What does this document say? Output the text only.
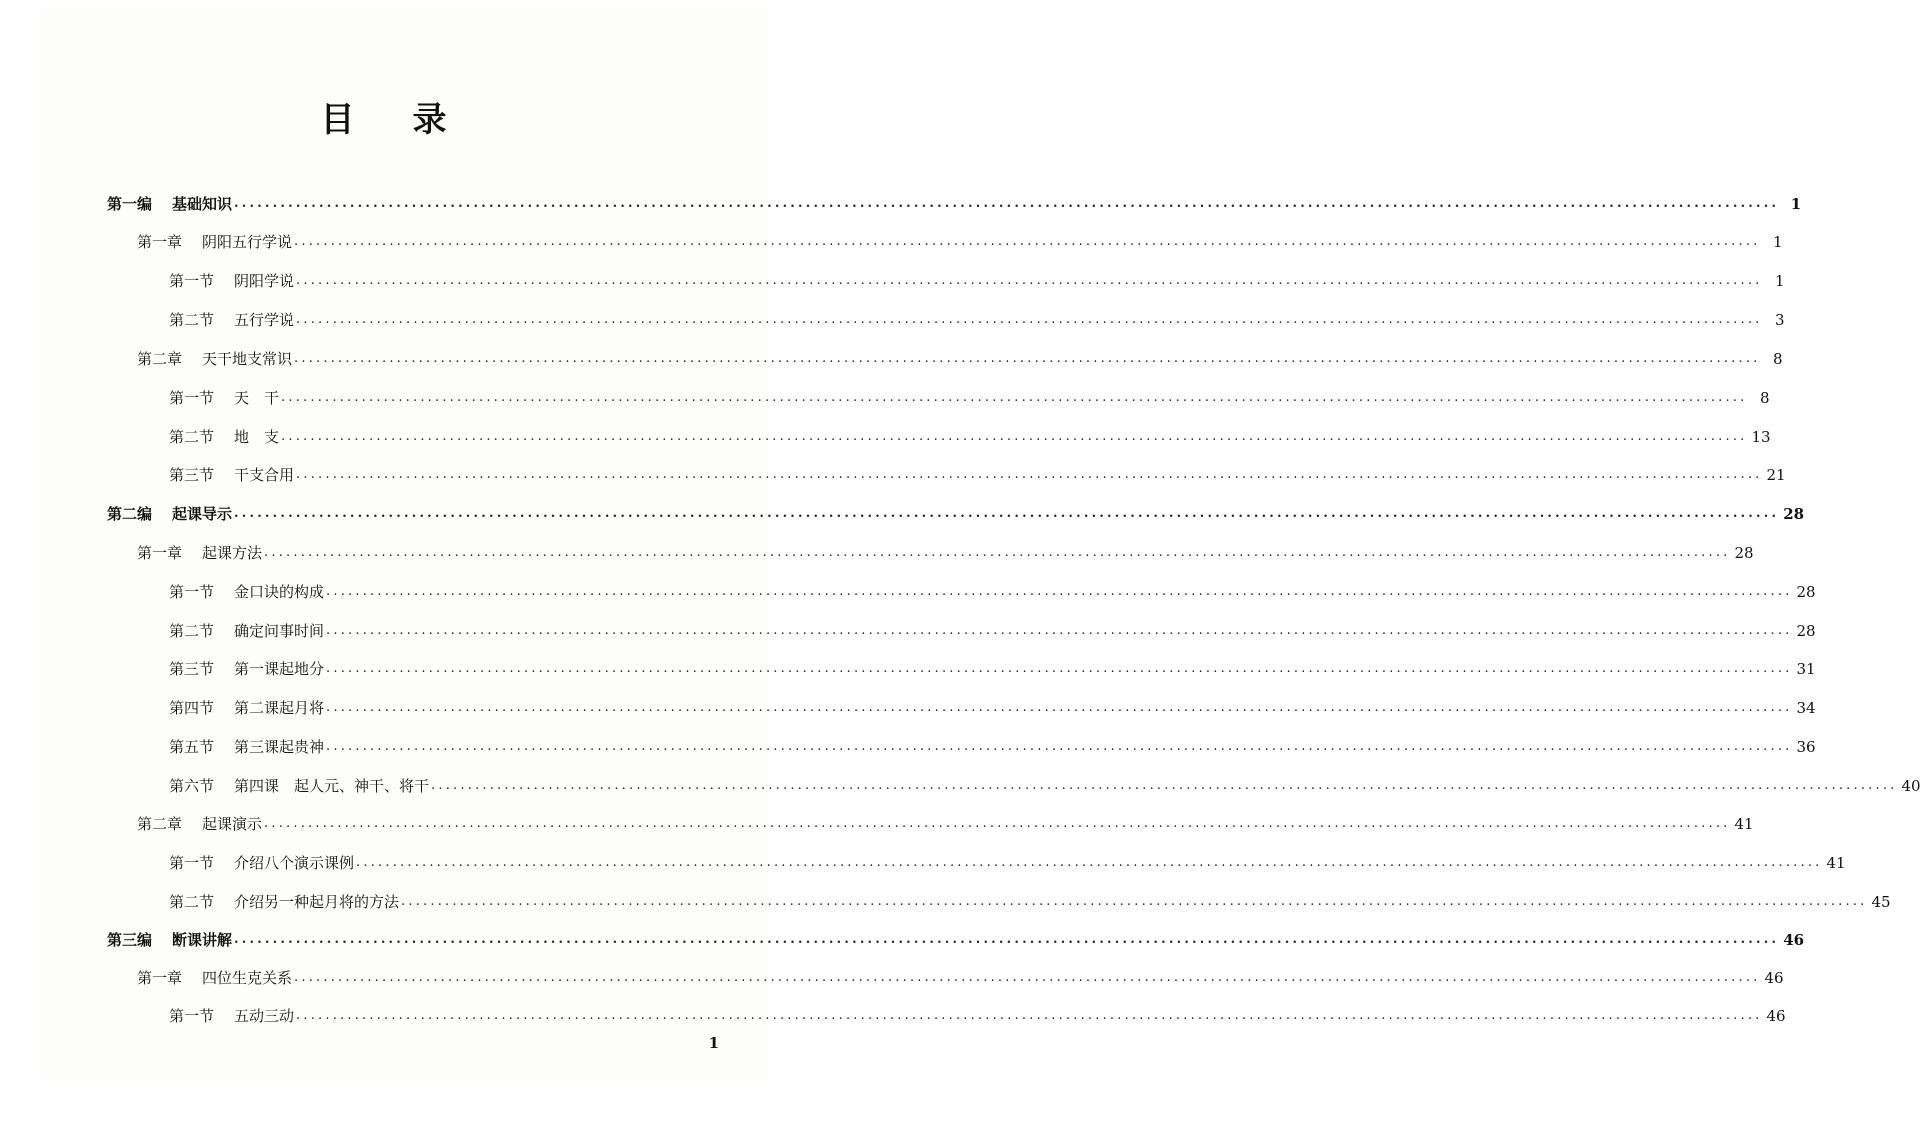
目 录
第一编 基础知识 ........................................................................................................................................................................................................ 1
第一章 阴阳五行学说 ........................................................................................................................................................................................................ 1
第一节 阴阳学说 ........................................................................................................................................................................................................ 1
第二节 五行学说 ........................................................................................................................................................................................................ 3
第二章 天干地支常识 ........................................................................................................................................................................................................ 8
第一节 天　干 ........................................................................................................................................................................................................ 8
第二节 地　支 ........................................................................................................................................................................................................ 13
第三节 干支合用 ........................................................................................................................................................................................................ 21
第二编 起课导示 ........................................................................................................................................................................................................ 28
第一章 起课方法 ........................................................................................................................................................................................................ 28
第一节 金口诀的构成 ........................................................................................................................................................................................................ 28
第二节 确定问事时间 ........................................................................................................................................................................................................ 28
第三节 第一课起地分 ........................................................................................................................................................................................................ 31
第四节 第二课起月将 ........................................................................................................................................................................................................ 34
第五节 第三课起贵神 ........................................................................................................................................................................................................ 36
第六节 第四课　起人元、神干、将干 ........................................................................................................................................................................................................ 40
第二章 起课演示 ........................................................................................................................................................................................................ 41
第一节 介绍八个演示课例 ........................................................................................................................................................................................................ 41
第二节 介绍另一种起月将的方法 ........................................................................................................................................................................................................ 45
第三编 断课讲解 ........................................................................................................................................................................................................ 46
第一章 四位生克关系 ........................................................................................................................................................................................................ 46
第一节 五动三动 ........................................................................................................................................................................................................ 46
1
